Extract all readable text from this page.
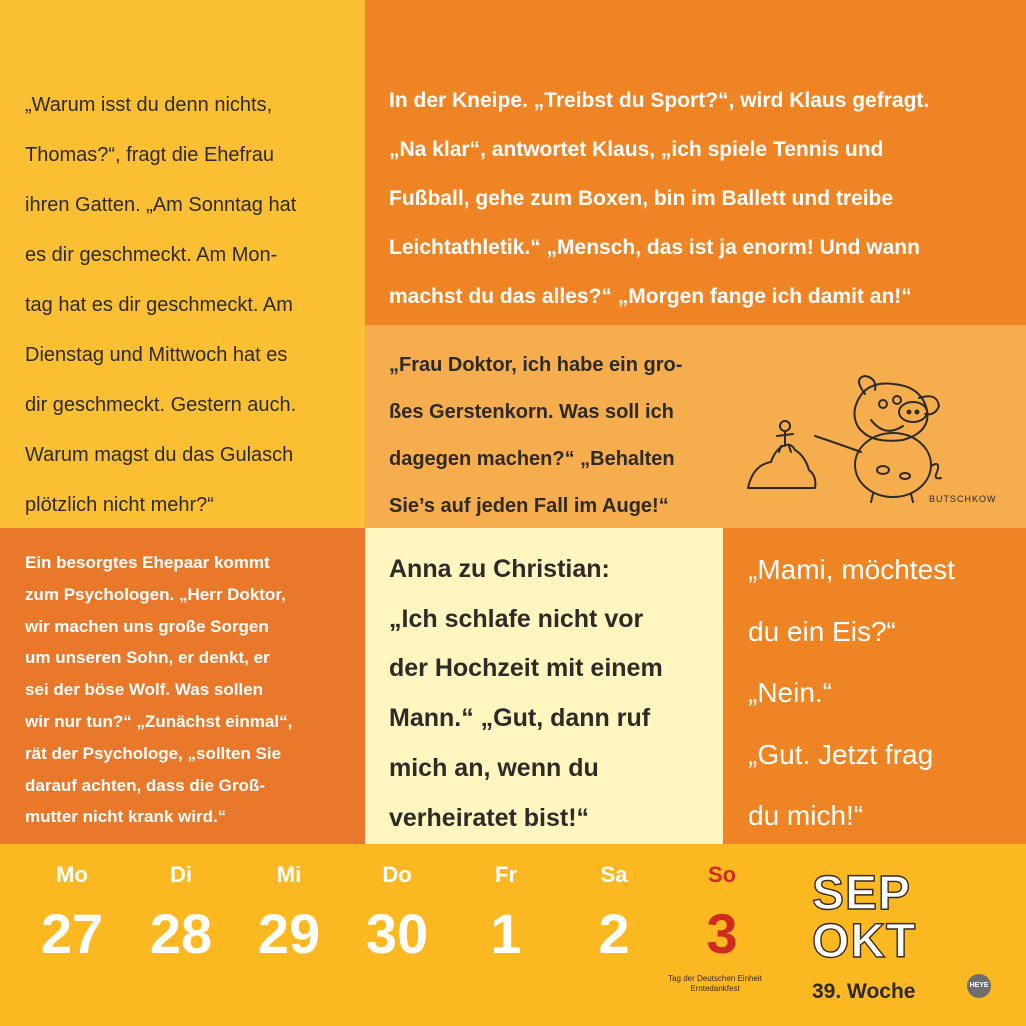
„Warum isst du denn nichts,

Thomas?“, fragt die Ehefrau

ihren Gatten. „Am Sonntag hat

es dir geschmeckt. Am Mon-

tag hat es dir geschmeckt. Am

Dienstag und Mittwoch hat es

dir geschmeckt. Gestern auch.

Warum magst du das Gulasch

plötzlich nicht mehr?“

In der Kneipe. „Treibst du Sport?“, wird Klaus gefragt.

„Na klar“, antwortet Klaus, „ich spiele Tennis und

Fußball, gehe zum Boxen, bin im Ballett und treibe

Leichtathletik.“ „Mensch, das ist ja enorm! Und wann

machst du das alles?“ „Morgen fange ich damit an!“

„Frau Doktor, ich habe ein gro-

ßes Gerstenkorn. Was soll ich

dagegen machen?“ „Behalten

Sie’s auf jeden Fall im Auge!“	BUTSCHKOW

Ein besorgtes Ehepaar kommt

zum Psychologen. „Herr Doktor,

wir machen uns große Sorgen

um unseren Sohn, er denkt, er

sei der böse Wolf. Was sollen

wir nur tun?“ „Zunächst einmal“,

rät der Psychologe, „sollten Sie

darauf achten, dass die Groß-

mutter nicht krank wird.“

Anna zu Christian:

„Ich schlafe nicht vor

der Hochzeit mit einem

Mann.“ „Gut, dann ruf

mich an, wenn du

verheiratet bist!“

„Mami, möchtest

du ein Eis?“

„Nein.“

„Gut. Jetzt frag

du mich!“

Mo
27
Di
28
Mi
29
Do
30
Fr
1
Sa
2
So
3
Tag der Deutschen Einheit
Erntedankfest
SEP
OKT
39. Woche	HEYE
